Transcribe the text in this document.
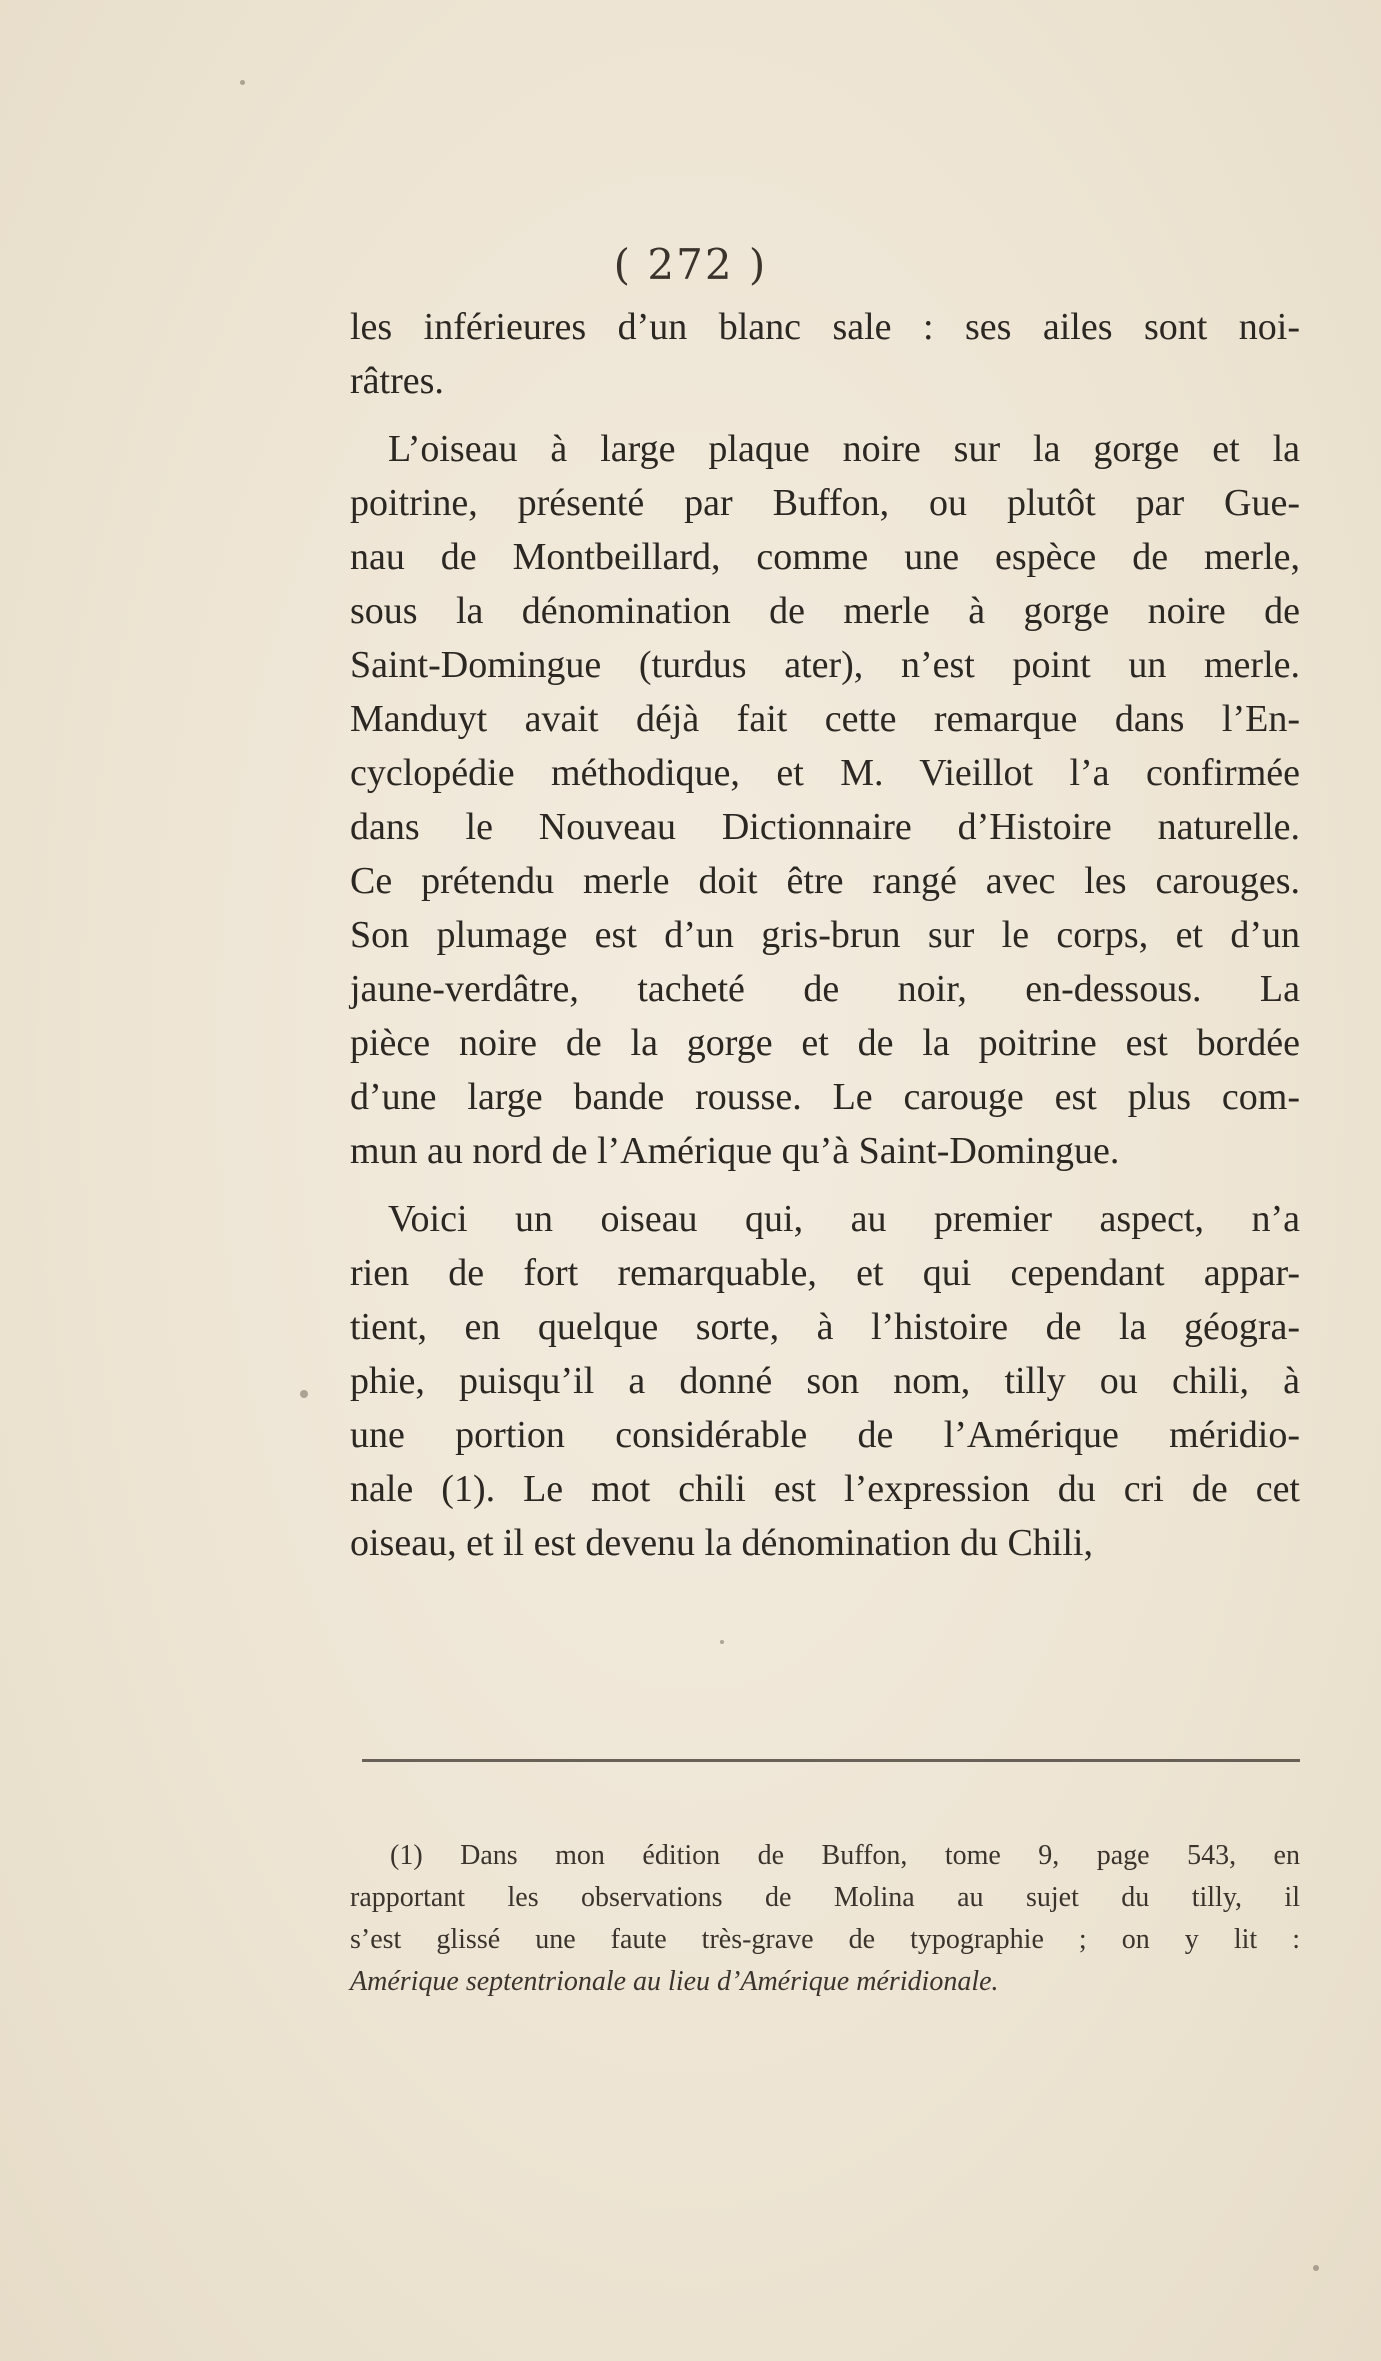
( 272 )
les inférieures d’un blanc sale : ses ailes sont noi-
râtres.
L’oiseau à large plaque noire sur la gorge et la
poitrine, présenté par Buffon, ou plutôt par Gue-
nau de Montbeillard, comme une espèce de merle,
sous la dénomination de merle à gorge noire de
Saint-Domingue (turdus ater), n’est point un merle.
Manduyt avait déjà fait cette remarque dans l’En-
cyclopédie méthodique, et M. Vieillot l’a confirmée
dans le Nouveau Dictionnaire d’Histoire naturelle.
Ce prétendu merle doit être rangé avec les carouges.
Son plumage est d’un gris-brun sur le corps, et d’un
jaune-verdâtre, tacheté de noir, en-dessous. La
pièce noire de la gorge et de la poitrine est bordée
d’une large bande rousse. Le carouge est plus com-
mun au nord de l’Amérique qu’à Saint-Domingue.
Voici un oiseau qui, au premier aspect, n’a
rien de fort remarquable, et qui cependant appar-
tient, en quelque sorte, à l’histoire de la géogra-
phie, puisqu’il a donné son nom, tilly ou chili, à
une portion considérable de l’Amérique méridio-
nale (1). Le mot chili est l’expression du cri de cet
oiseau, et il est devenu la dénomination du Chili,
(1) Dans mon édition de Buffon, tome 9, page 543, en
rapportant les observations de Molina au sujet du tilly, il
s’est glissé une faute très-grave de typographie ; on y lit :
Amérique septentrionale au lieu d’Amérique méridionale.
